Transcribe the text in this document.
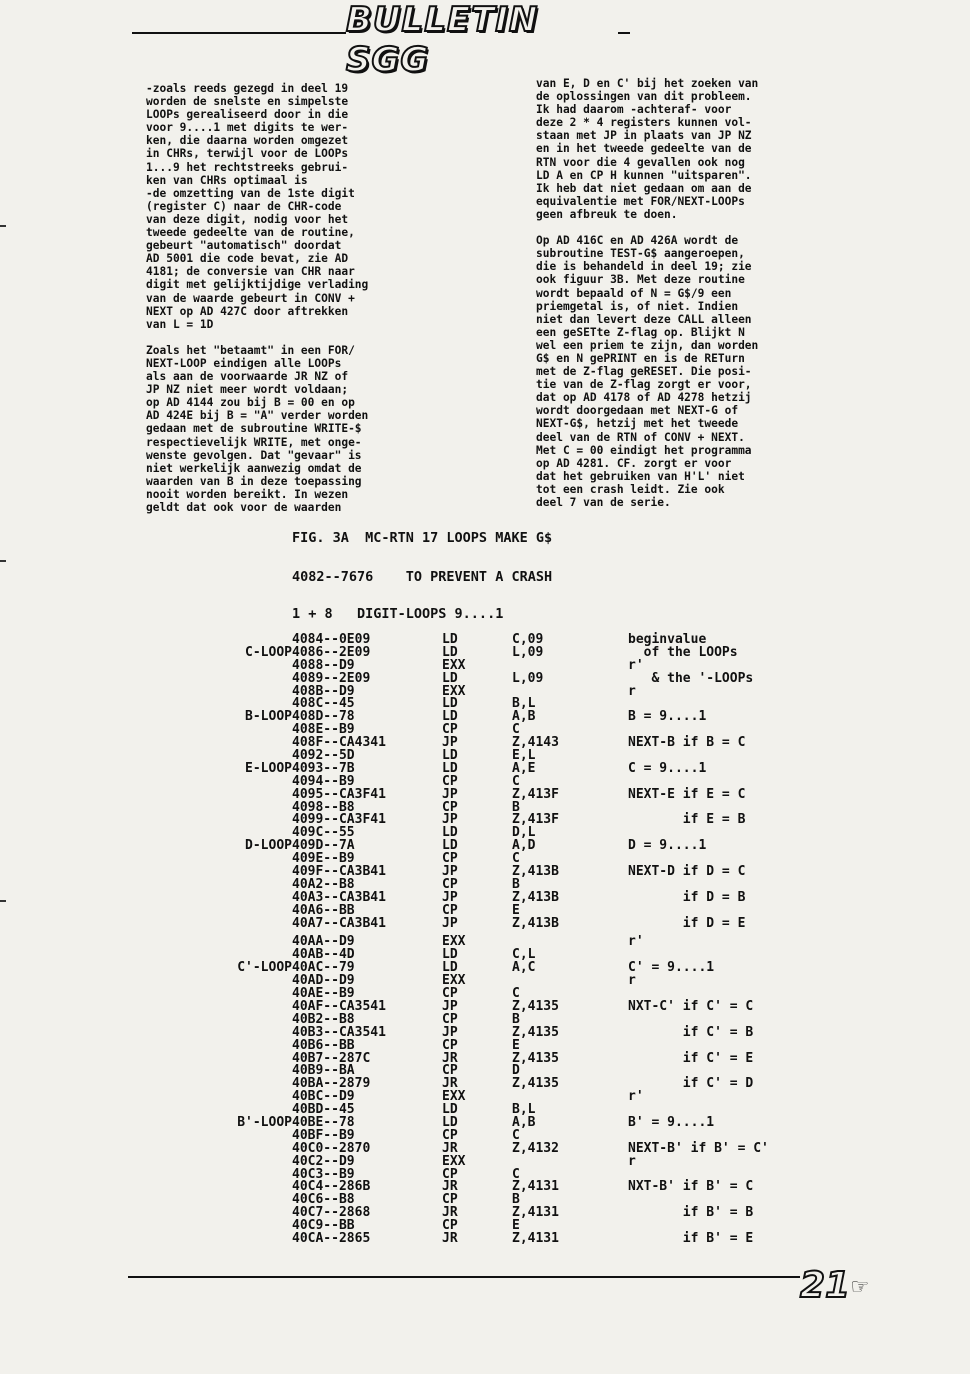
BULLETIN SGG

-zoals reeds gezegd in deel 19

worden de snelste en simpelste

LOOPs gerealiseerd door in die

voor 9....1 met digits te wer-

ken, die daarna worden omgezet

in CHRs, terwijl voor de LOOPs

1...9 het rechtstreeks gebrui-

ken van CHRs optimaal is

-de omzetting van de 1ste digit

(register C) naar de CHR-code

van deze digit, nodig voor het

tweede gedeelte van de routine,

gebeurt "automatisch" doordat

AD 5001 die code bevat, zie AD

4181; de conversie van CHR naar

digit met gelijktijdige verlading

van de waarde gebeurt in CONV +

NEXT op AD 427C door aftrekken

van L = 1D

Zoals het "betaamt" in een FOR/

NEXT-LOOP eindigen alle LOOPs

als aan de voorwaarde JR NZ of

JP NZ niet meer wordt voldaan;

op AD 4144 zou bij B = 00 en op

AD 424E bij B = "A" verder worden

gedaan met de subroutine WRITE-$

respectievelijk WRITE, met onge-

wenste gevolgen. Dat "gevaar" is

niet werkelijk aanwezig omdat de

waarden van B in deze toepassing

nooit worden bereikt. In wezen

geldt dat ook voor de waarden

van E, D en C' bij het zoeken van

de oplossingen van dit probleem.

Ik had daarom -achteraf- voor

deze 2 * 4 registers kunnen vol-

staan met JP in plaats van JP NZ

en in het tweede gedeelte van de

RTN voor die 4 gevallen ook nog

LD A en CP H kunnen "uitsparen".

Ik heb dat niet gedaan om aan de

equivalentie met FOR/NEXT-LOOPs

geen afbreuk te doen.

Op AD 416C en AD 426A wordt de

subroutine TEST-G$ aangeroepen,

die is behandeld in deel 19; zie

ook figuur 3B. Met deze routine

wordt bepaald of N = G$/9 een

priemgetal is, of niet. Indien

niet dan levert deze CALL alleen

een geSETte Z-flag op. Blijkt N

wel een priem te zijn, dan worden

G$ en N gePRINT en is de RETurn

met de Z-flag geRESET. Die posi-

tie van de Z-flag zorgt er voor,

dat op AD 4178 of AD 4278 hetzij

wordt doorgedaan met NEXT-G of

NEXT-G$, hetzij met het tweede

deel van de RTN of CONV + NEXT.

Met C = 00 eindigt het programma

op AD 4281. CF. zorgt er voor

dat het gebruiken van H'L' niet

tot een crash leidt. Zie ook

deel 7 van de serie.

FIG. 3A  MC-RTN 17 LOOPS MAKE G$
4082--7676    TO PREVENT A CRASH
1 + 8   DIGIT-LOOPS 9....1
4084--0E09	LD	C,09	beginvalue
C-LOOP 4086--2E09	LD	L,09	of the LOOPs
4088--D9	EXX	r'
4089--2E09	LD	L,09	& the '-LOOPs
408B--D9	EXX	r
408C--45	LD	B,L
B-LOOP 408D--78	LD	A,B	B = 9....1
408E--B9	CP	C
408F--CA4341	JP	Z,4143	NEXT-B if B = C
4092--5D	LD	E,L
E-LOOP 4093--7B	LD	A,E	C = 9....1
4094--B9	CP	C
4095--CA3F41	JP	Z,413F	NEXT-E if E = C
4098--B8	CP	B
4099--CA3F41	JP	Z,413F	if E = B
409C--55	LD	D,L
D-LOOP 409D--7A	LD	A,D	D = 9....1
409E--B9	CP	C
409F--CA3B41	JP	Z,413B	NEXT-D if D = C
40A2--B8	CP	B
40A3--CA3B41	JP	Z,413B	if D = B
40A6--BB	CP	E
40A7--CA3B41	JP	Z,413B	if D = E
40AA--D9	EXX	r'
40AB--4D	LD	C,L
C'-LOOP 40AC--79	LD	A,C	C' = 9....1
40AD--D9	EXX	r
40AE--B9	CP	C
40AF--CA3541	JP	Z,4135	NXT-C' if C' = C
40B2--B8	CP	B
40B3--CA3541	JP	Z,4135	if C' = B
40B6--BB	CP	E
40B7--287C	JR	Z,4135	if C' = E
40B9--BA	CP	D
40BA--2879	JR	Z,4135	if C' = D
40BC--D9	EXX	r'
40BD--45	LD	B,L
B'-LOOP 40BE--78	LD	A,B	B' = 9....1
40BF--B9	CP	C
40C0--2870	JR	Z,4132	NEXT-B' if B' = C'
40C2--D9	EXX	r
40C3--B9	CP	C
40C4--286B	JR	Z,4131	NXT-B' if B' = C
40C6--B8	CP	B
40C7--2868	JR	Z,4131	if B' = B
40C9--BB	CP	E
40CA--2865	JR	Z,4131	if B' = E
21 ☞
